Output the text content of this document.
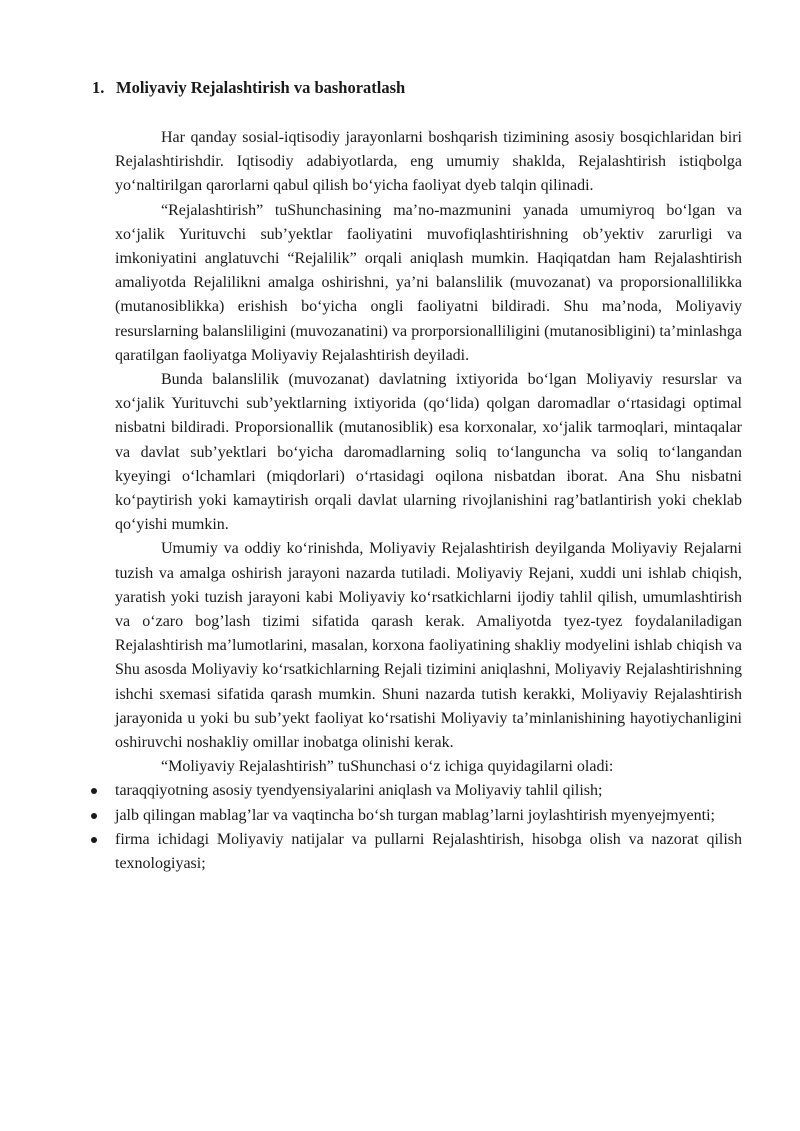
1. Moliyaviy Rejalashtirish va bashoratlash

Har qanday sosial-iqtisodiy jarayonlarni boshqarish tizimining asosiy bosqichlaridan biri Rejalashtirishdir. Iqtisodiy adabiyotlarda, eng umumiy shaklda, Rejalashtirish istiqbolga yoʻnaltirilgan qarorlarni qabul qilish boʻyicha faoliyat dyeb talqin qilinadi.

“Rejalashtirish” tuShunchasining maʼno-mazmunini yanada umumiyroq boʻlgan va xoʻjalik Yurituvchi subʼyektlar faoliyatini muvofiqlashtirishning obʼyektiv zarurligi va imkoniyatini anglatuvchi “Rejalilik” orqali aniqlash mumkin. Haqiqatdan ham Rejalashtirish amaliyotda Rejalilikni amalga oshirishni, yaʼni balanslilik (muvozanat) va proporsionallilikka (mutanosiblikka) erishish boʻyicha ongli faoliyatni bildiradi. Shu maʼnoda, Moliyaviy resurslarning balansliligini (muvozanatini) va prorporsionalliligini (mutanosibligini) taʼminlashga qaratilgan faoliyatga Moliyaviy Rejalashtirish deyiladi.

Bunda balanslilik (muvozanat) davlatning ixtiyorida boʻlgan Moliyaviy resurslar va xoʻjalik Yurituvchi subʼyektlarning ixtiyorida (qoʻlida) qolgan daromadlar oʻrtasidagi optimal nisbatni bildiradi. Proporsionallik (mutanosiblik) esa korxonalar, xoʻjalik tarmoqlari, mintaqalar va davlat subʼyektlari boʻyicha daromadlarning soliq toʻlanguncha va soliq toʻlangandan kyeyingi oʻlchamlari (miqdorlari) oʻrtasidagi oqilona nisbatdan iborat. Ana Shu nisbatni koʻpaytirish yoki kamaytirish orqali davlat ularning rivojlanishini ragʼbatlantirish yoki cheklab qoʻyishi mumkin.

Umumiy va oddiy koʻrinishda, Moliyaviy Rejalashtirish deyilganda Moliyaviy Rejalarni tuzish va amalga oshirish jarayoni nazarda tutiladi. Moliyaviy Rejani, xuddi uni ishlab chiqish, yaratish yoki tuzish jarayoni kabi Moliyaviy koʻrsatkichlarni ijodiy tahlil qilish, umumlashtirish va oʻzaro bogʼlash tizimi sifatida qarash kerak. Amaliyotda tyez-tyez foydalaniladigan Rejalashtirish maʼlumotlarini, masalan, korxona faoliyatining shakliy modyelini ishlab chiqish va Shu asosda Moliyaviy koʻrsatkichlarning Rejali tizimini aniqlashni, Moliyaviy Rejalashtirishning ishchi sxemasi sifatida qarash mumkin. Shuni nazarda tutish kerakki, Moliyaviy Rejalashtirish jarayonida u yoki bu subʼyekt faoliyat koʻrsatishi Moliyaviy taʼminlanishining hayotiychanligini oshiruvchi noshakliy omillar inobatga olinishi kerak.

“Moliyaviy Rejalashtirish” tuShunchasi oʻz ichiga quyidagilarni oladi:

taraqqiyotning asosiy tyendyensiyalarini aniqlash va Moliyaviy tahlil qilish;
jalb qilingan mablagʼlar va vaqtincha boʻsh turgan mablagʼlarni joylashtirish myenyejmyenti;
firma ichidagi Moliyaviy natijalar va pullarni Rejalashtirish, hisobga olish va nazorat qilish texnologiyasi;
